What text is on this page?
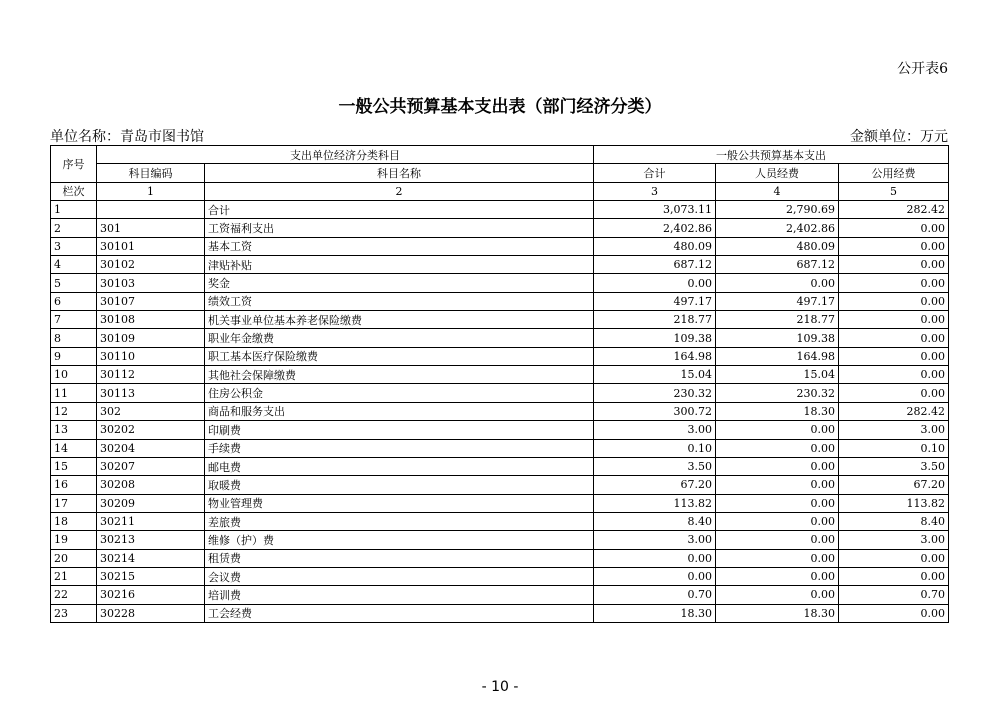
公开表6
一般公共预算基本支出表（部门经济分类）
单位名称：青岛市图书馆	金额单位：万元
序号	支出单位经济分类科目		一般公共预算基本支出		
	科目编码	科目名称	合计	人员经费	公用经费
栏次	1	2	3	4	5
1		合计	3,073.11	2,790.69	282.42
2	301	工资福利支出	2,402.86	2,402.86	0.00
3	30101	基本工资	480.09	480.09	0.00
4	30102	津贴补贴	687.12	687.12	0.00
5	30103	奖金	0.00	0.00	0.00
6	30107	绩效工资	497.17	497.17	0.00
7	30108	机关事业单位基本养老保险缴费	218.77	218.77	0.00
8	30109	职业年金缴费	109.38	109.38	0.00
9	30110	职工基本医疗保险缴费	164.98	164.98	0.00
10	30112	其他社会保障缴费	15.04	15.04	0.00
11	30113	住房公积金	230.32	230.32	0.00
12	302	商品和服务支出	300.72	18.30	282.42
13	30202	印刷费	3.00	0.00	3.00
14	30204	手续费	0.10	0.00	0.10
15	30207	邮电费	3.50	0.00	3.50
16	30208	取暖费	67.20	0.00	67.20
17	30209	物业管理费	113.82	0.00	113.82
18	30211	差旅费	8.40	0.00	8.40
19	30213	维修（护）费	3.00	0.00	3.00
20	30214	租赁费	0.00	0.00	0.00
21	30215	会议费	0.00	0.00	0.00
22	30216	培训费	0.70	0.00	0.70
23	30228	工会经费	18.30	18.30	0.00
- 10 -
